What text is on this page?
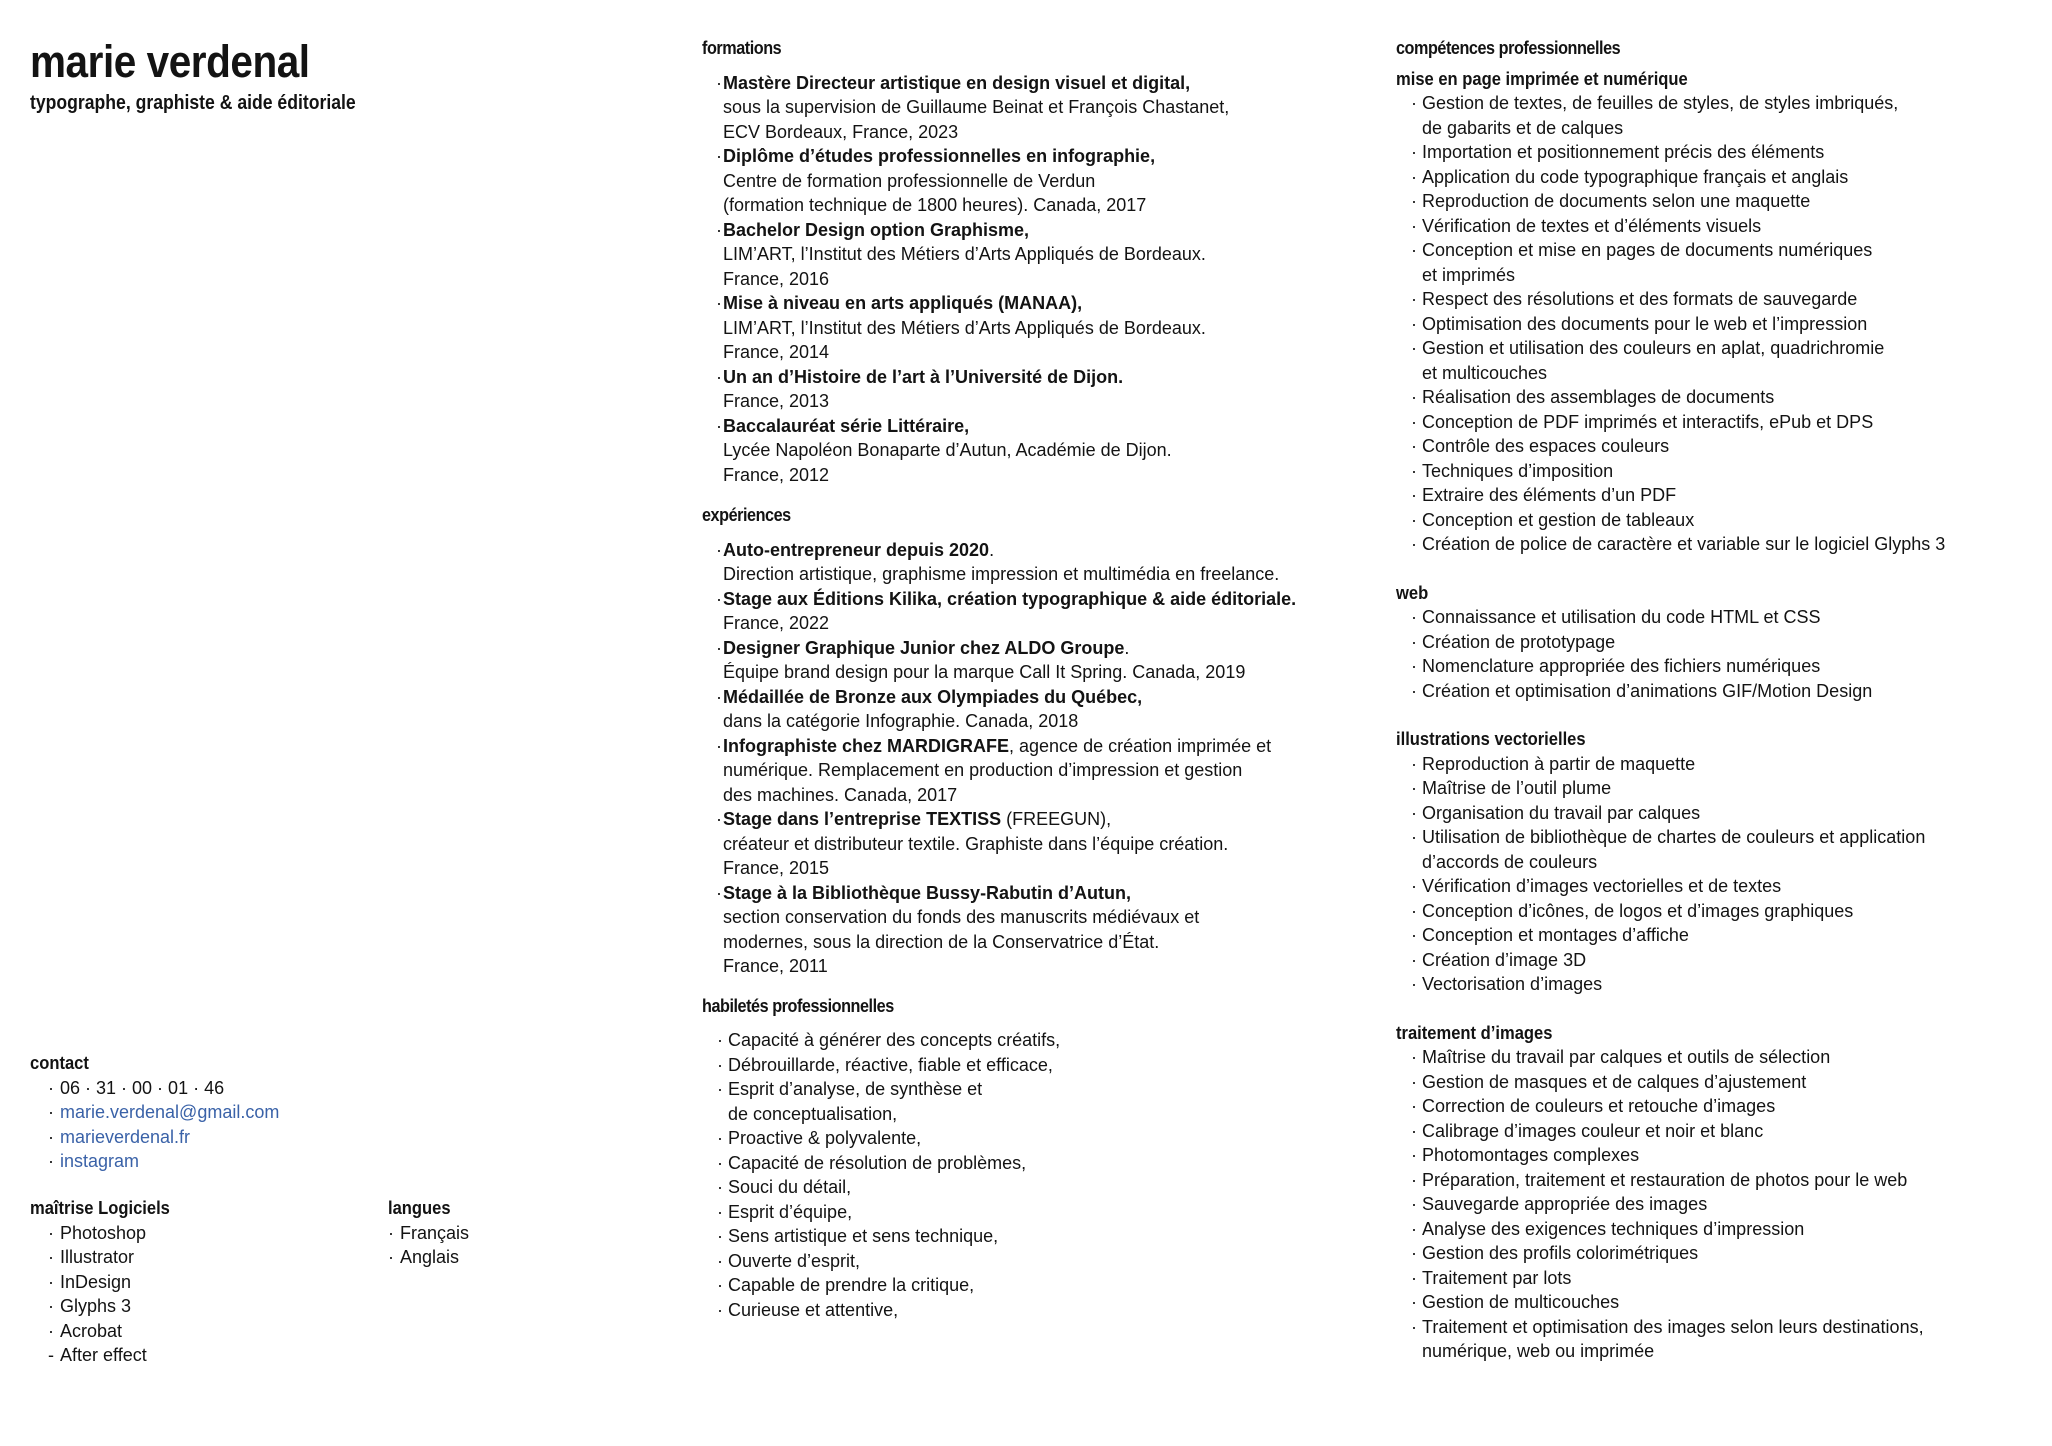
marie verdenal
typographe, graphiste & aide éditoriale
contact
· 06 · 31 · 00 · 01 · 46
· marie.verdenal@gmail.com
· marieverdenal.fr
· instagram
maîtrise Logiciels
· Photoshop
· Illustrator
· InDesign
· Glyphs 3
· Acrobat
- After effect
langues
· Français
· Anglais
formations
·Mastère Directeur artistique en design visuel et digital,
sous la supervision de Guillaume Beinat et François Chastanet,
ECV Bordeaux, France, 2023
·Diplôme d’études professionnelles en infographie,
Centre de formation professionnelle de Verdun
(formation technique de 1800 heures). Canada, 2017
·Bachelor Design option Graphisme,
LIM’ART, l’Institut des Métiers d’Arts Appliqués de Bordeaux.
France, 2016
·Mise à niveau en arts appliqués (MANAA),
LIM’ART, l’Institut des Métiers d’Arts Appliqués de Bordeaux.
France, 2014
·Un an d’Histoire de l’art à l’Université de Dijon.
France, 2013
·Baccalauréat série Littéraire,
Lycée Napoléon Bonaparte d’Autun, Académie de Dijon.
France, 2012
expériences
·Auto-entrepreneur depuis 2020.
Direction artistique, graphisme impression et multimédia en freelance.
·Stage aux Éditions Kilika, création typographique & aide éditoriale.
France, 2022
·Designer Graphique Junior chez ALDO Groupe.
Équipe brand design pour la marque Call It Spring. Canada, 2019
·Médaillée de Bronze aux Olympiades du Québec,
dans la catégorie Infographie. Canada, 2018
·Infographiste chez MARDIGRAFE, agence de création imprimée et
numérique. Remplacement en production d’impression et gestion
des machines. Canada, 2017
·Stage dans l’entreprise TEXTISS (FREEGUN),
créateur et distributeur textile. Graphiste dans l’équipe création.
France, 2015
·Stage à la Bibliothèque Bussy-Rabutin d’Autun,
section conservation du fonds des manuscrits médiévaux et
modernes, sous la direction de la Conservatrice d’État.
France, 2011
habiletés professionnelles
· Capacité à générer des concepts créatifs,
· Débrouillarde, réactive, fiable et efficace,
· Esprit d’analyse, de synthèse et
de conceptualisation,
· Proactive & polyvalente,
· Capacité de résolution de problèmes,
· Souci du détail,
· Esprit d’équipe,
· Sens artistique et sens technique,
· Ouverte d’esprit,
· Capable de prendre la critique,
· Curieuse et attentive,
compétences professionnelles
mise en page imprimée et numérique
· Gestion de textes, de feuilles de styles, de styles imbriqués,
de gabarits et de calques
· Importation et positionnement précis des éléments
· Application du code typographique français et anglais
· Reproduction de documents selon une maquette
· Vérification de textes et d’éléments visuels
· Conception et mise en pages de documents numériques
et imprimés
· Respect des résolutions et des formats de sauvegarde
· Optimisation des documents pour le web et l’impression
· Gestion et utilisation des couleurs en aplat, quadrichromie
et multicouches
· Réalisation des assemblages de documents
· Conception de PDF imprimés et interactifs, ePub et DPS
· Contrôle des espaces couleurs
· Techniques d’imposition
· Extraire des éléments d’un PDF
· Conception et gestion de tableaux
· Création de police de caractère et variable sur le logiciel Glyphs 3
web
· Connaissance et utilisation du code HTML et CSS
· Création de prototypage
· Nomenclature appropriée des fichiers numériques
· Création et optimisation d’animations GIF/Motion Design
illustrations vectorielles
· Reproduction à partir de maquette
· Maîtrise de l’outil plume
· Organisation du travail par calques
· Utilisation de bibliothèque de chartes de couleurs et application
d’accords de couleurs
· Vérification d’images vectorielles et de textes
· Conception d’icônes, de logos et d’images graphiques
· Conception et montages d’affiche
· Création d’image 3D
· Vectorisation d’images
traitement d’images
· Maîtrise du travail par calques et outils de sélection
· Gestion de masques et de calques d’ajustement
· Correction de couleurs et retouche d’images
· Calibrage d’images couleur et noir et blanc
· Photomontages complexes
· Préparation, traitement et restauration de photos pour le web
· Sauvegarde appropriée des images
· Analyse des exigences techniques d’impression
· Gestion des profils colorimétriques
· Traitement par lots
· Gestion de multicouches
· Traitement et optimisation des images selon leurs destinations,
numérique, web ou imprimée
